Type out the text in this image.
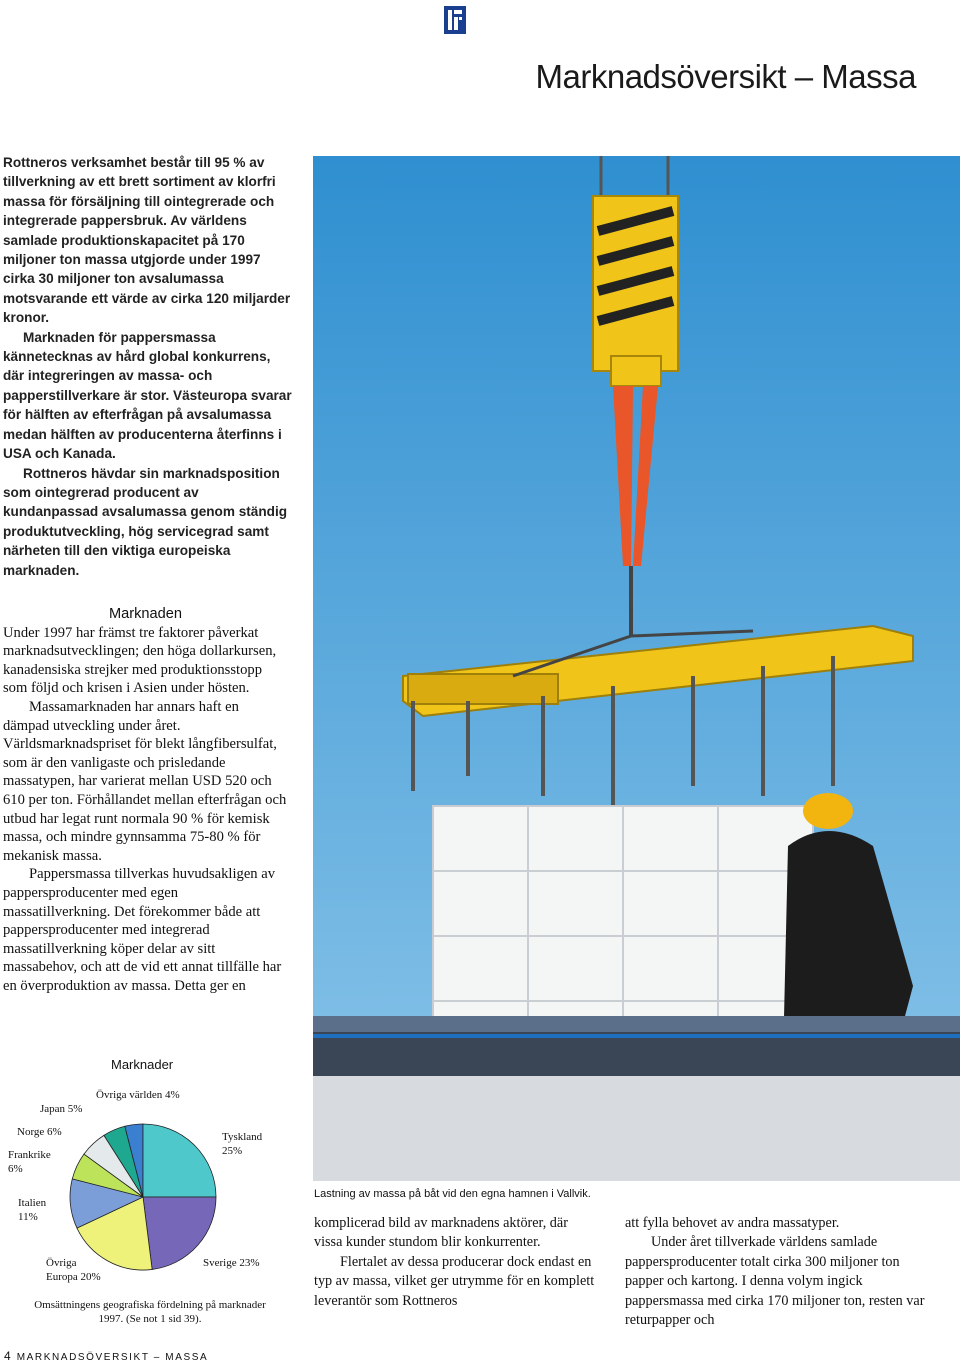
Marknadsöversikt – Massa

Rottneros verksamhet består till 95 % av tillverkning av ett brett sortiment av klorfri massa för försäljning till ointegrerade och integrerade pappersbruk. Av världens samlade produktionskapacitet på 170 miljoner ton massa utgjorde under 1997 cirka 30 miljoner ton avsalumassa motsvarande ett värde av cirka 120 miljarder kronor.

Marknaden för pappersmassa kännetecknas av hård global konkurrens, där integreringen av massa- och papperstillverkare är stor. Västeuropa svarar för hälften av efterfrågan på avsalumassa medan hälften av producenterna återfinns i USA och Kanada.

Rottneros hävdar sin marknadsposition som ointegrerad producent av kundanpassad avsalumassa genom ständig produktutveckling, hög servicegrad samt närheten till den viktiga europeiska marknaden.

Marknaden

Under 1997 har främst tre faktorer påverkat marknadsutvecklingen; den höga dollarkursen, kanadensiska strejker med produktionsstopp som följd och krisen i Asien under hösten.

Massamarknaden har annars haft en dämpad utveckling under året. Världsmarknadspriset för blekt långfibersulfat, som är den vanligaste och prisledande massatypen, har varierat mellan USD 520 och 610 per ton. Förhållandet mellan efterfrågan och utbud har legat runt normala 90 % för kemisk massa, och mindre gynnsamma 75-80 % för mekanisk massa.

Pappersmassa tillverkas huvudsakligen av pappersproducenter med egen massatillverkning. Det förekommer både att pappersproducenter med integrerad massatillverkning köper delar av sitt massabehov, och att de vid ett annat tillfälle har en överproduktion av massa. Detta ger en

Lastning av massa på båt vid den egna hamnen i Vallvik.

komplicerad bild av marknadens aktörer, där vissa kunder stundom blir konkurrenter.

Flertalet av dessa producerar dock endast en typ av massa, vilket ger utrymme för en komplett leverantör som Rottneros

att fylla behovet av andra massatyper.

Under året tillverkade världens samlade pappersproducenter totalt cirka 300 miljoner ton papper och kartong. I denna volym ingick pappersmassa med cirka 170 miljoner ton, resten var returpapper och

Marknader
Tyskland 25%
Sverige 23%
Övriga Europa 20%
Italien 11%
Frankrike 6%
Norge 6%
Japan 5%
Övriga världen 4%
Omsättningens geografiska fördelning på marknader 1997. (Se not 1 sid 39).
4 MARKNADSÖVERSIKT – MASSA
